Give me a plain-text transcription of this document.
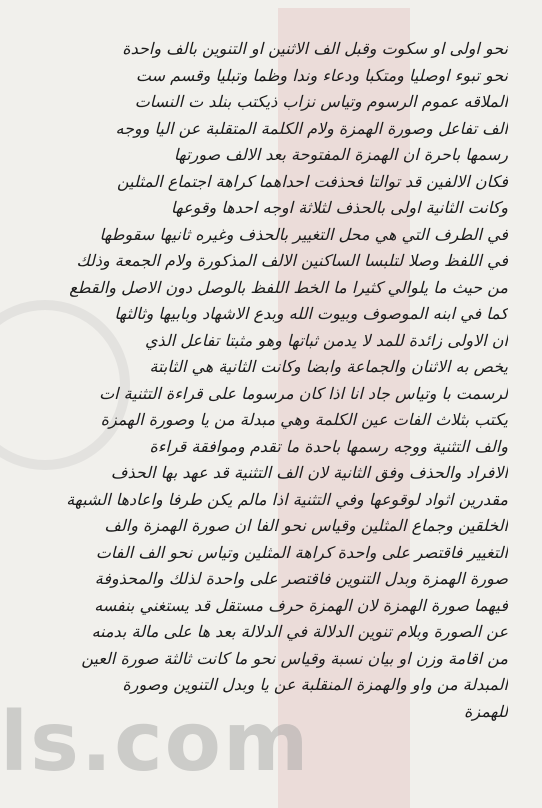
نحو اولى او سكوت وقبل الف الاثنين او التنوين بالف واحدة
نحو تبوء اوصليا ومتكبا ودعاء وندا وظما وتبليا وقسم ست
الملاقه عموم الرسوم وتياس نزاب ذيكتب بنلد ت النسات
الف تفاعل وصورة الهمزة ولام الكلمة المتقلبة عن اليا ووجه
رسمها باحرة ان الهمزة المفتوحة بعد الالف صورتها
فكان الالفين قد توالتا فحذفت احداهما كراهة اجتماع المثلين
وكانت الثانية اولى بالحذف لثلاثة اوجه احدها وقوعها
في الطرف التي هي محل التغيير بالحذف وغيره ثانيها سقوطها
في اللفظ وصلا لتلبسا الساكنين الالف المذكورة ولام الجمعة وذلك
من حيث ما يلوالي كثيرا ما الخط اللفظ بالوصل دون الاصل والقطع
كما في ابنه الموصوف وبيوت الله وبدع الاشهاد وبابيها وثالثها
ان الاولى زائدة للمد لا يدمن ثباتها وهو مثبتا تفاعل الذي
يخص به الاثنان والجماعة وابضا وكانت الثانية هي الثابتة
لرسمت با وتياس جاد انا اذا كان مرسوما على قراءة التثنية ات
يكتب بثلاث الفات عين الكلمة وهي مبدلة من يا وصورة الهمزة
والف التثنية ووجه رسمها باحدة ما تقدم وموافقة قراءة
الافراد والحذف وفق الثانية لان الف التثنية قد عهد بها الحذف
مقدرين اثواد لوقوعها وفي التثنية اذا مالم يكن طرفا واعادها الشبهة
الخلقين وجماع المثلين وقياس نحو الفا ان صورة الهمزة والف
التغيير فاقتصر على واحدة كراهة المثلين وتياس نحو الف الفات
صورة الهمزة وبدل التنوين فاقتصر على واحدة لذلك والمحذوفة
فيهما صورة الهمزة لان الهمزة حرف مستقل قد يستغني بنفسه
عن الصورة وبلام تنوين الدلالة في الدلالة بعد ها على مالة بدمنه
من اقامة وزن او بيان نسبة وقياس نحو ما كانت ثالثة صورة العين
المبدلة من واو والهمزة المنقلبة عن يا وبدل التنوين وصورة
للهمزة
ls.com
